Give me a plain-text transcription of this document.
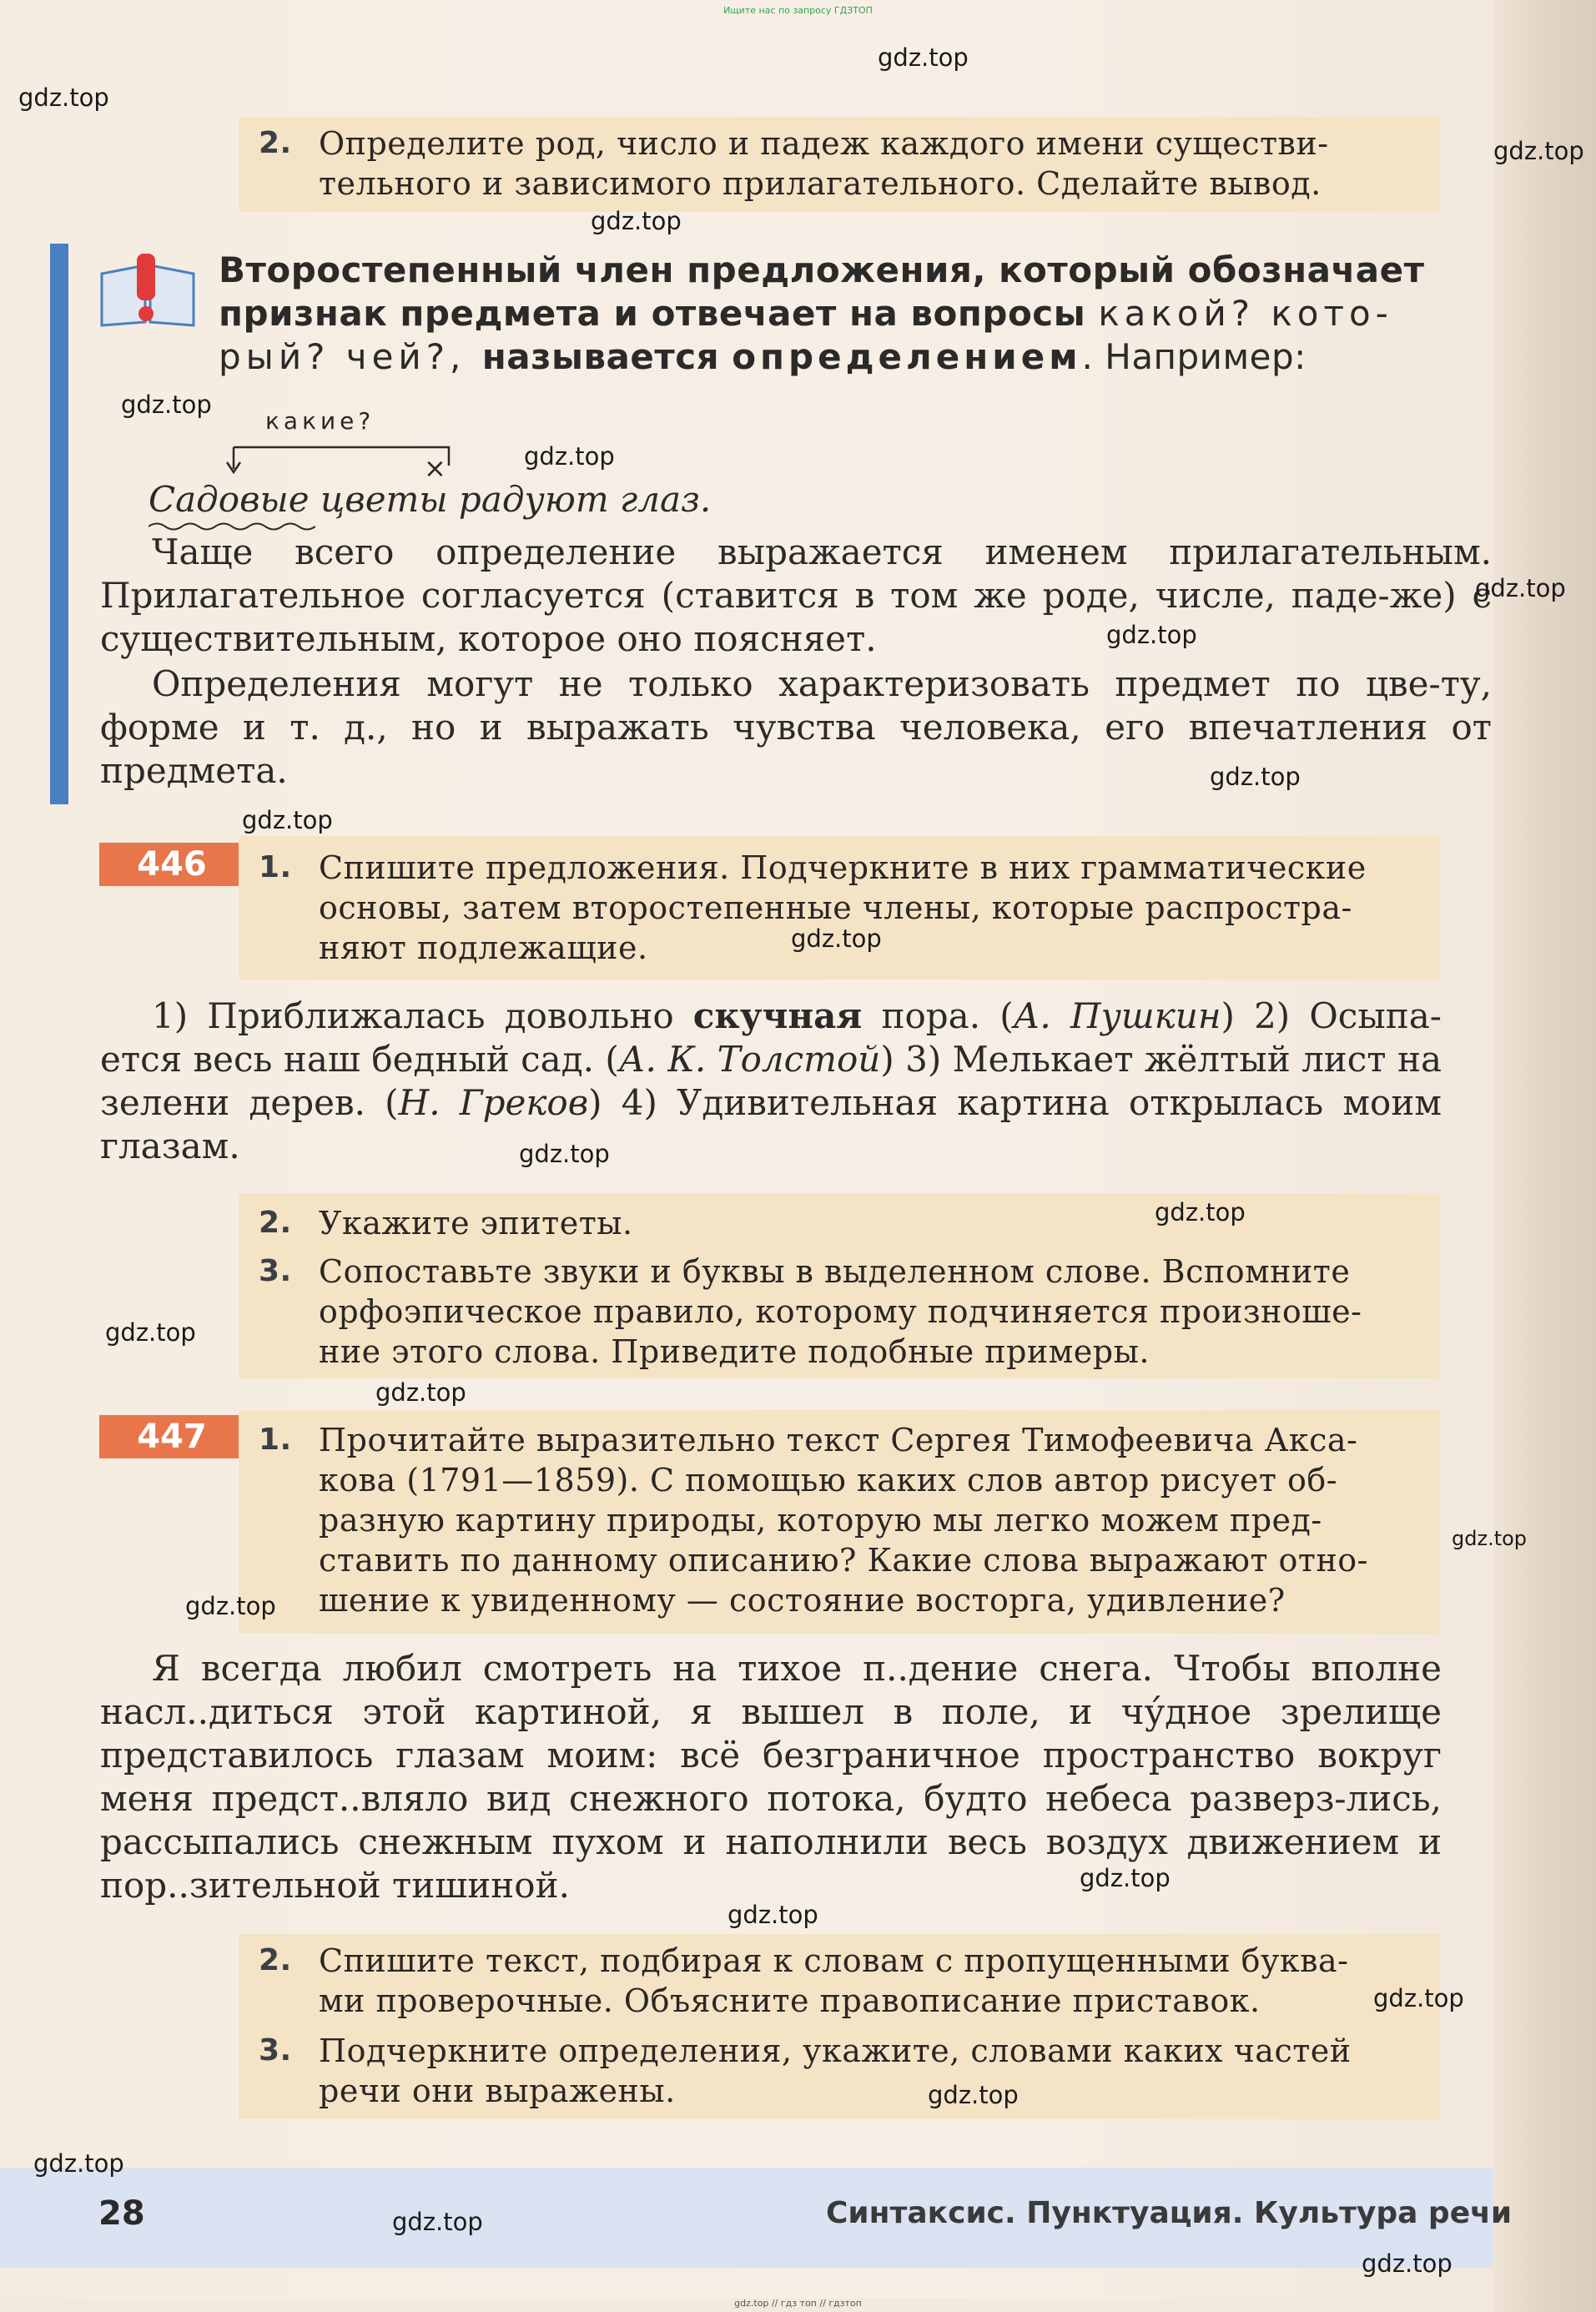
Ищите нас по запросу ГДЗТОП
2. Определите род, число и падеж каждого имени существи-
тельного и зависимого прилагательного. Сделайте вывод.
Второстепенный член предложения, который обозначает
признак предмета и отвечает на вопросы какой? кото-
рый? чей?, называется определением. Например:
какие?
×
Садовые цветы радуют глаз.
Чаще всего определение выражается именем прилагательным. Прилагательное согласуется (ставится в том же роде, числе, паде-же) с существительным, которое оно поясняет.
Определения могут не только характеризовать предмет по цве-ту, форме и т. д., но и выражать чувства человека, его впечатления от предмета.
446	1. Спишите предложения. Подчеркните в них грамматические
основы, затем второстепенные члены, которые распростра-
няют подлежащие.
1) Приближалась довольно скучная пора. (А. Пушкин) 2) Осыпа-ется весь наш бедный сад. (А. К. Толстой) 3) Мелькает жёлтый лист на зелени дерев. (Н. Греков) 4) Удивительная картина открылась моим глазам.
2. Укажите эпитеты.
3. Сопоставьте звуки и буквы в выделенном слове. Вспомните
орфоэпическое правило, которому подчиняется произноше-
ние этого слова. Приведите подобные примеры.
447	1. Прочитайте выразительно текст Сергея Тимофеевича Акса-
кова (1791—1859). С помощью каких слов автор рисует об-
разную картину природы, которую мы легко можем пред-
ставить по данному описанию? Какие слова выражают отно-
шение к увиденному — состояние восторга, удивление?
Я всегда любил смотреть на тихое п..дение снега. Чтобы вполне насл..диться этой картиной, я вышел в поле, и чу́дное зрелище представилось глазам моим: всё безграничное пространство вокруг меня предст..вляло вид снежного потока, будто небеса разверз-лись, рассыпались снежным пухом и наполнили весь воздух движением и пор..зительной тишиной.
2. Спишите текст, подбирая к словам с пропущенными буква-
ми проверочные. Объясните правописание приставок.
3. Подчеркните определения, укажите, словами каких частей
речи они выражены.
28	Синтаксис. Пунктуация. Культура речи
gdz.top
gdz.top
gdz.top
gdz.top
gdz.top
gdz.top
gdz.top
gdz.top
gdz.top
gdz.top
gdz.top
gdz.top
gdz.top
gdz.top
gdz.top
gdz.top
gdz.top
gdz.top
gdz.top
gdz.top
gdz.top
gdz.top
gdz.top
gdz.top
gdz.top // гдз топ // гдзтоп
